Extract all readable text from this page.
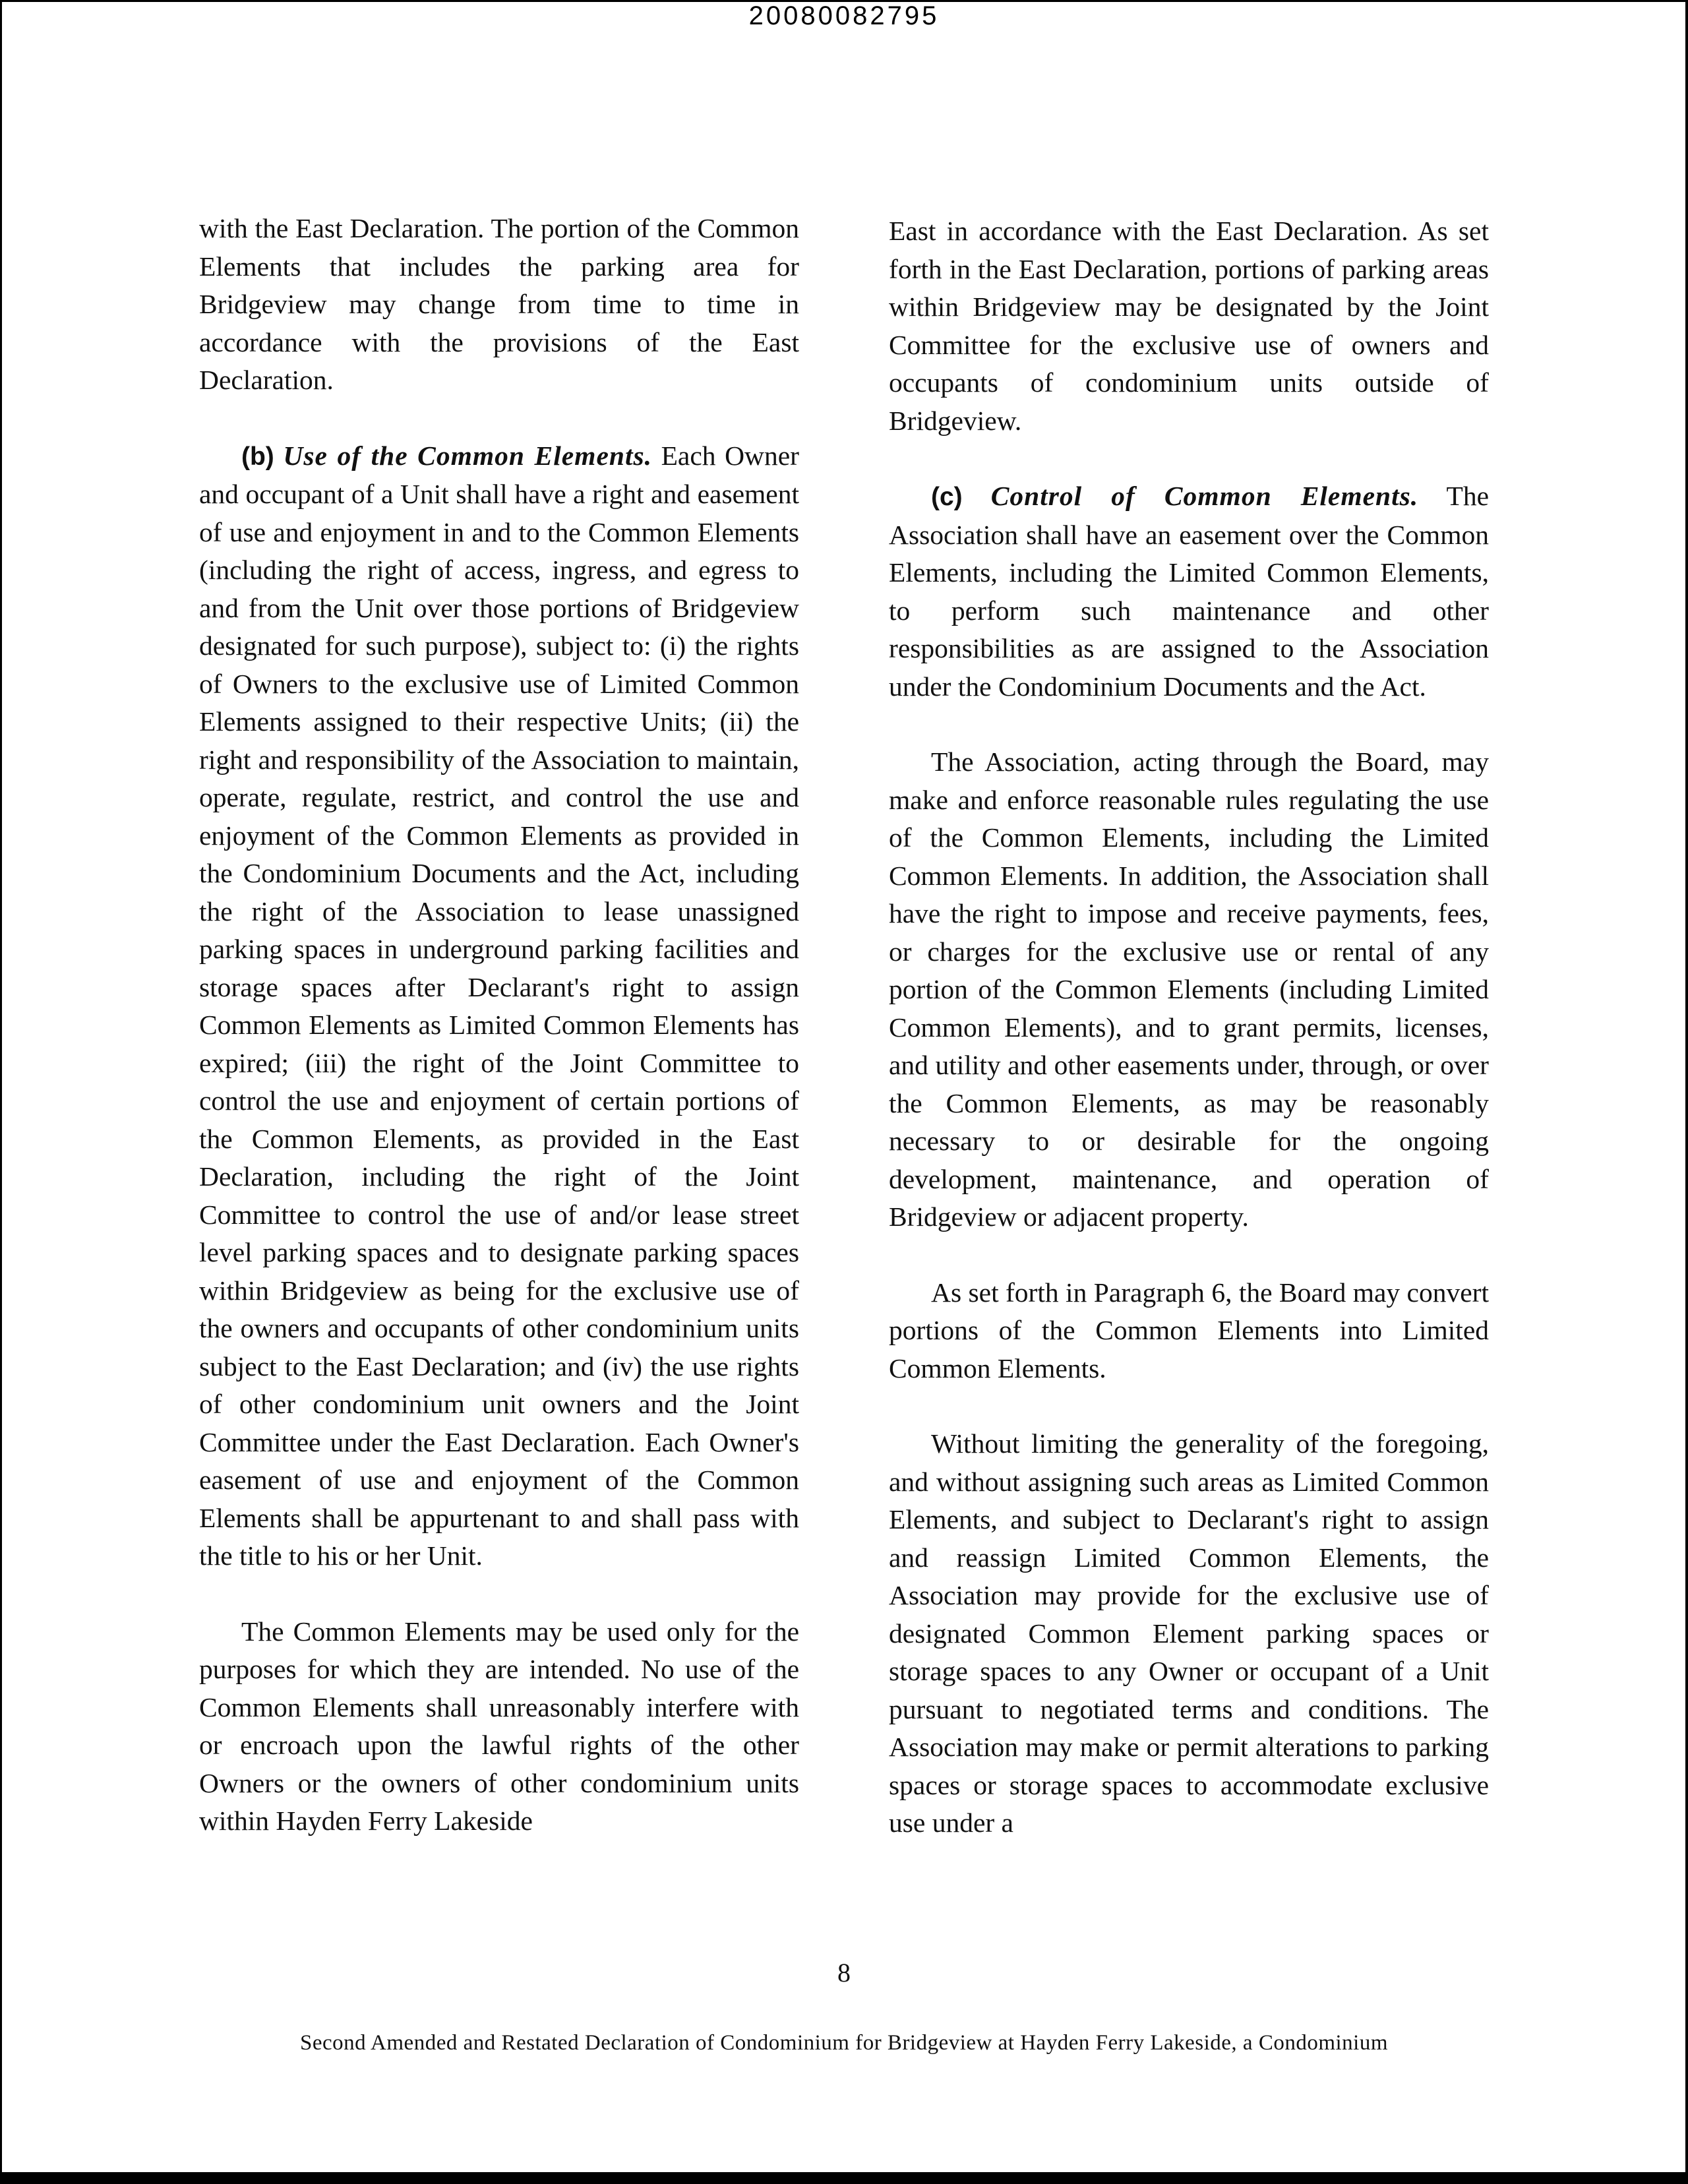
20080082795

with the East Declaration. The portion of the Common Elements that includes the parking area for Bridgeview may change from time to time in accordance with the provisions of the East Declaration.

(b) Use of the Common Elements. Each Owner and occupant of a Unit shall have a right and easement of use and enjoyment in and to the Common Elements (including the right of access, ingress, and egress to and from the Unit over those portions of Bridgeview designated for such purpose), subject to: (i) the rights of Owners to the exclusive use of Limited Common Elements assigned to their respective Units; (ii) the right and responsibility of the Association to maintain, operate, regulate, restrict, and control the use and enjoyment of the Common Elements as provided in the Condominium Documents and the Act, including the right of the Association to lease unassigned parking spaces in underground parking facilities and storage spaces after Declarant's right to assign Common Elements as Limited Common Elements has expired; (iii) the right of the Joint Committee to control the use and enjoyment of certain portions of the Common Elements, as provided in the East Declaration, including the right of the Joint Committee to control the use of and/or lease street level parking spaces and to designate parking spaces within Bridgeview as being for the exclusive use of the owners and occupants of other condominium units subject to the East Declaration; and (iv) the use rights of other condominium unit owners and the Joint Committee under the East Declaration. Each Owner's easement of use and enjoyment of the Common Elements shall be appurtenant to and shall pass with the title to his or her Unit.

The Common Elements may be used only for the purposes for which they are intended. No use of the Common Elements shall unreasonably interfere with or encroach upon the lawful rights of the other Owners or the owners of other condominium units within Hayden Ferry Lakeside

East in accordance with the East Declaration. As set forth in the East Declaration, portions of parking areas within Bridgeview may be designated by the Joint Committee for the exclusive use of owners and occupants of condominium units outside of Bridgeview.

(c) Control of Common Elements. The Association shall have an easement over the Common Elements, including the Limited Common Elements, to perform such maintenance and other responsibilities as are assigned to the Association under the Condominium Documents and the Act.

The Association, acting through the Board, may make and enforce reasonable rules regulating the use of the Common Elements, including the Limited Common Elements. In addition, the Association shall have the right to impose and receive payments, fees, or charges for the exclusive use or rental of any portion of the Common Elements (including Limited Common Elements), and to grant permits, licenses, and utility and other easements under, through, or over the Common Elements, as may be reasonably necessary to or desirable for the ongoing development, maintenance, and operation of Bridgeview or adjacent property.

As set forth in Paragraph 6, the Board may convert portions of the Common Elements into Limited Common Elements.

Without limiting the generality of the foregoing, and without assigning such areas as Limited Common Elements, and subject to Declarant's right to assign and reassign Limited Common Elements, the Association may provide for the exclusive use of designated Common Element parking spaces or storage spaces to any Owner or occupant of a Unit pursuant to negotiated terms and conditions. The Association may make or permit alterations to parking spaces or storage spaces to accommodate exclusive use under a

8
Second Amended and Restated Declaration of Condominium for Bridgeview at Hayden Ferry Lakeside, a Condominium
